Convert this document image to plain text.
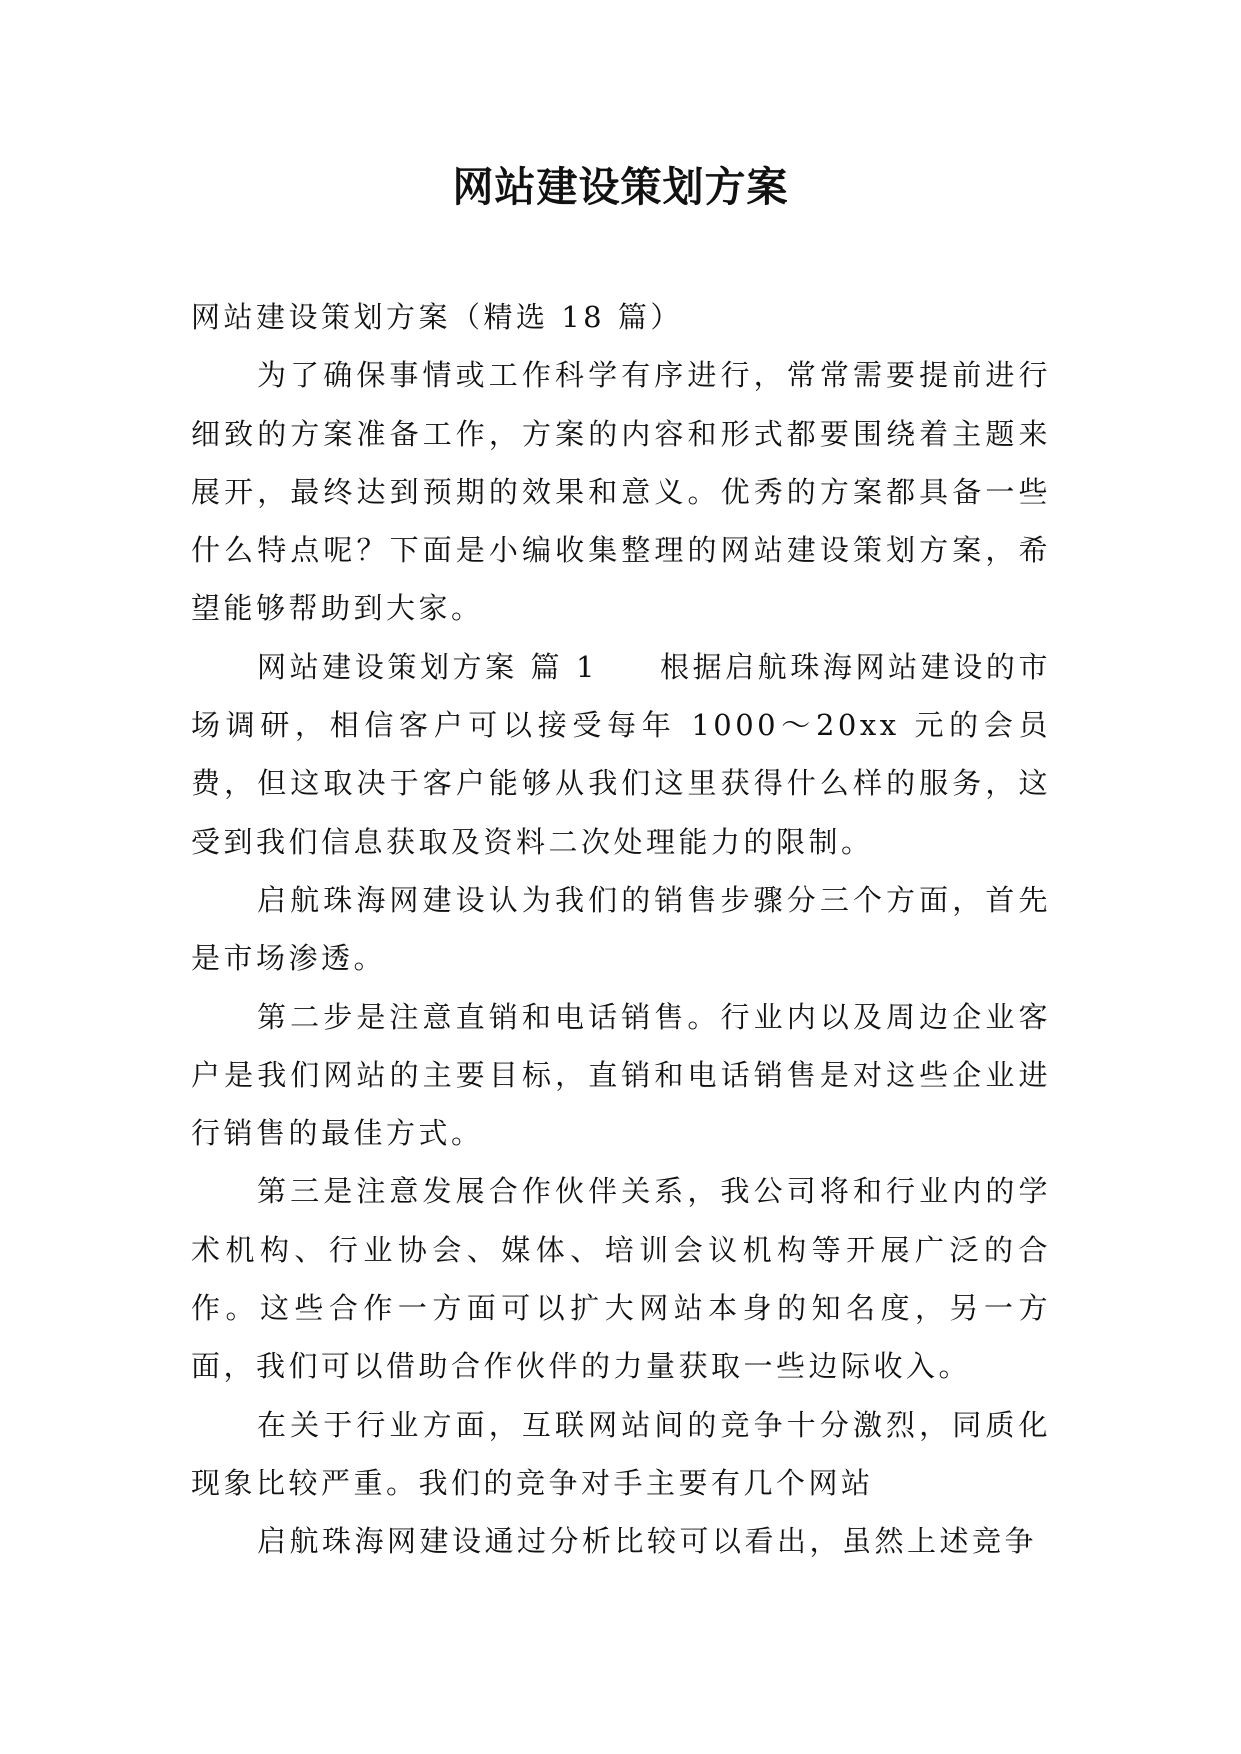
网站建设策划方案

网站建设策划方案（精选 18 篇）

为了确保事情或工作科学有序进行，常常需要提前进行细致的方案准备工作，方案的内容和形式都要围绕着主题来展开，最终达到预期的效果和意义。优秀的方案都具备一些什么特点呢？下面是小编收集整理的网站建设策划方案，希望能够帮助到大家。

网站建设策划方案 篇 1 根据启航珠海网站建设的市场调研，相信客户可以接受每年 1000～20xx 元的会员费，但这取决于客户能够从我们这里获得什么样的服务，这受到我们信息获取及资料二次处理能力的限制。

启航珠海网建设认为我们的销售步骤分三个方面，首先是市场渗透。

第二步是注意直销和电话销售。行业内以及周边企业客户是我们网站的主要目标，直销和电话销售是对这些企业进行销售的最佳方式。

第三是注意发展合作伙伴关系，我公司将和行业内的学术机构、行业协会、媒体、培训会议机构等开展广泛的合作。这些合作一方面可以扩大网站本身的知名度，另一方面，我们可以借助合作伙伴的力量获取一些边际收入。

在关于行业方面，互联网站间的竞争十分激烈，同质化现象比较严重。我们的竞争对手主要有几个网站

启航珠海网建设通过分析比较可以看出，虽然上述竞争
